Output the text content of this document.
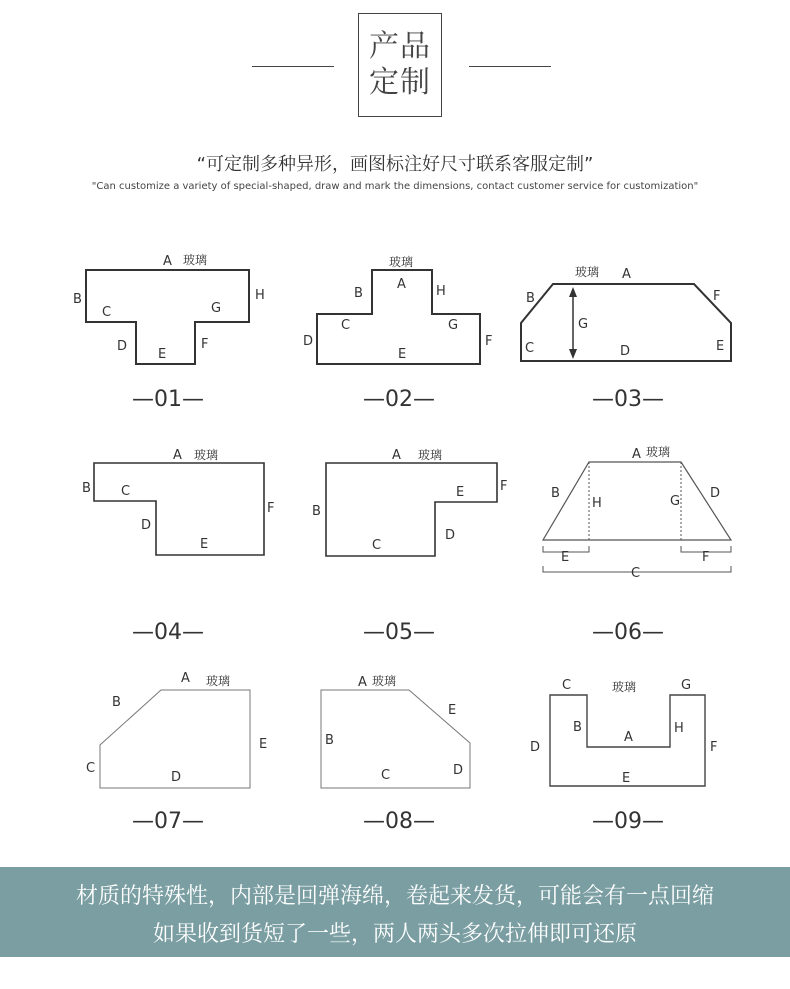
产品
定制
“可定制多种异形，画图标注好尺寸联系客服定制”
"Can customize a variety of special-shaped, draw and mark the dimensions, contact customer service for customization"
A 玻璃
B
C
D
E
F
G
H
玻璃
A
B
C
D
E
F
G
H
玻璃 A
B
C	D	E
F
G
A 玻璃
B C
D
E
F
A 玻璃
B
C
D
E	F
A 玻璃
B
C
D
E	F
G
H
A 玻璃
B
C
D
E
A 玻璃
B
C	D
E
C	玻璃	G
B
A
H
D	F
E
—01—	—02—	—03—
—04—	—05—	—06—
—07—	—08—	—09—
材质的特殊性，内部是回弹海绵，卷起来发货，可能会有一点回缩
如果收到货短了一些，两人两头多次拉伸即可还原
